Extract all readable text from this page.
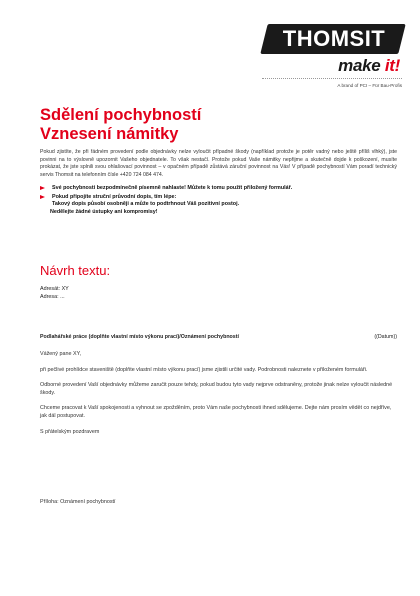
THOMSIT
make it!
A brand of PCI – Für Bau-Profis
Sdělení pochybností
Vznesení námitky
Pokud zjistíte, že při řádném provedení podle objednávky nelze vyloučit případné škody (například protože je potěr vadný nebo ještě příliš vlhký), jste povinni na to výslovně upozornit Vašeho objednatele. To však nestačí. Protože pokud Vaše námitky nepřijme a skutečně dojde k poškození, musíte prokázat, že jste splnili svou ohlašovací povinnost – v opačném případě zůstává záruční povinnost na Vás! V případě pochybností Vám poradí technický servis Thomsit na telefonním čísle +420 724 084 474.
Své pochybnosti bezpodmínečně písemně nahlaste! Můžete k tomu použít přiložený formulář.
Pokud připojíte struční průvodní dopis, tím lépe:
Takový dopis působí osobněji a může to podtrhnout Váš pozitivní postoj.
Nedělejte žádné ústupky ani kompromisy!
Návrh textu:
Adresát: XY
Adresa: ...
Podlahářské práce (doplňte vlastní místo výkonu prací)/Oznámení pochybností	((Datum))

Vážený pane XY,

při pečlivé prohlídce staveniště (doplňte vlastní místo výkonu prací) jsme zjistili určité vady. Podrobnosti naleznete v přiloženém formuláři.

Odborné provedení Vaší objednávky můžeme zaručit pouze tehdy, pokud budou tyto vady nejprve odstraněny, protože jinak nelze vyloučit následné škody.

Chceme pracovat k Vaší spokojenosti a vyhnout se zpožděním, proto Vám naše pochybnosti ihned sdělujeme. Dejte nám prosím vědět co nejdříve, jak dál postupovat.

S přátelským pozdravem

Příloha: Oznámení pochybností
